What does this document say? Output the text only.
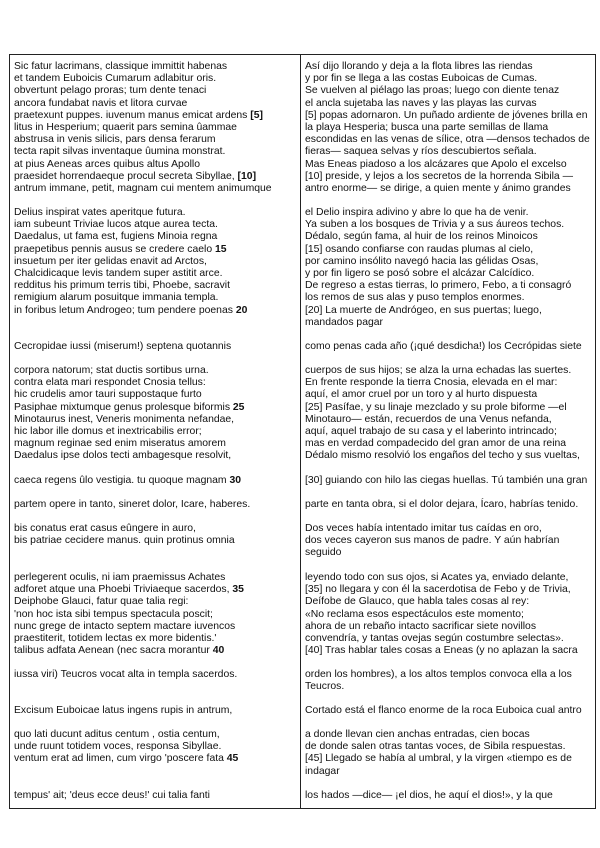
Sic fatur lacrimans, classique immittit habenas
et tandem Euboicis Cumarum adlabitur oris.
obvertunt pelago proras; tum dente tenaci
ancora fundabat navis et litora curvae
praetexunt puppes. iuvenum manus emicat ardens [5]
litus in Hesperium; quaerit pars semina ûammae
abstrusa in venis silicis, pars densa ferarum
tecta rapit silvas inventaque ûumina monstrat.
at pius Aeneas arces quibus altus Apollo
praesidet horrendaeque procul secreta Sibyllae, [10]
antrum immane, petit, magnam cui mentem animumque
Delius inspirat vates aperitque futura.
iam subeunt Triviae lucos atque aurea tecta.
Daedalus, ut fama est, fugiens Minoia regna
praepetibus pennis ausus se credere caelo 15
insuetum per iter gelidas enavit ad Arctos,
Chalcidicaque levis tandem super astitit arce.
redditus his primum terris tibi, Phoebe, sacravit
remigium alarum posuitque immania templa.
in foribus letum Androgeo; tum pendere poenas 20
Cecropidae iussi (miserum!) septena quotannis
corpora natorum; stat ductis sortibus urna.
contra elata mari respondet Cnosia tellus:
hic crudelis amor tauri suppostaque furto
Pasiphae mixtumque genus prolesque biformis 25
Minotaurus inest, Veneris monimenta nefandae,
hic labor ille domus et inextricabilis error;
magnum reginae sed enim miseratus amorem
Daedalus ipse dolos tecti ambagesque resolvit,
caeca regens ûlo vestigia. tu quoque magnam 30
partem opere in tanto, sineret dolor, Icare, haberes.
bis conatus erat casus eûngere in auro,
bis patriae cecidere manus. quin protinus omnia
perlegerent oculis, ni iam praemissus Achates
adforet atque una Phoebi Triviaeque sacerdos, 35
Deiphobe Glauci, fatur quae talia regi:
'non hoc ista sibi tempus spectacula poscit;
nunc grege de intacto septem mactare iuvencos
praestiterit, totidem lectas ex more bidentis.'
talibus adfata Aenean (nec sacra morantur 40
iussa viri) Teucros vocat alta in templa sacerdos.
Excisum Euboicae latus ingens rupis in antrum,
quo lati ducunt aditus centum , ostia centum,
unde ruunt totidem voces, responsa Sibyllae.
ventum erat ad limen, cum virgo 'poscere fata 45
tempus' ait; 'deus ecce deus!' cui talia fanti

Así dijo llorando y deja a la flota libres las riendas
y por fin se llega a las costas Euboicas de Cumas.
Se vuelven al piélago las proas; luego con diente tenaz
el ancla sujetaba las naves y las playas las curvas
[5] popas adornaron. Un puñado ardiente de jóvenes brilla en la playa Hesperia; busca una parte semillas de llama escondidas en las venas de sílice, otra —densos techados de fieras— saquea selvas y ríos descubiertos señala.
Mas Eneas piadoso a los alcázares que Apolo el excelso
[10] preside, y lejos a los secretos de la horrenda Sibila —antro enorme— se dirige, a quien mente y ánimo grandes
el Delio inspira adivino y abre lo que ha de venir.
Ya suben a los bosques de Trivia y a sus áureos techos.
Dédalo, según fama, al huir de los reinos Minoicos
[15] osando confiarse con raudas plumas al cielo,
por camino insólito navegó hacia las gélidas Osas,
y por fin ligero se posó sobre el alcázar Calcídico.
De regreso a estas tierras, lo primero, Febo, a ti consagró
los remos de sus alas y puso templos enormes.
[20] La muerte de Andrógeo, en sus puertas; luego, mandados pagar
como penas cada año (¡qué desdicha!) los Cecrópidas siete
cuerpos de sus hijos; se alza la urna echadas las suertes.
En frente responde la tierra Cnosia, elevada en el mar:
aquí, el amor cruel por un toro y al hurto dispuesta
[25] Pasífae, y su linaje mezclado y su prole biforme —el Minotauro— están, recuerdos de una Venus nefanda,
aquí, aquel trabajo de su casa y el laberinto intrincado;
mas en verdad compadecido del gran amor de una reina
Dédalo mismo resolvió los engaños del techo y sus vueltas,
[30] guiando con hilo las ciegas huellas. Tú también una gran
parte en tanta obra, si el dolor dejara, Ícaro, habrías tenido.
Dos veces había intentado imitar tus caídas en oro,
dos veces cayeron sus manos de padre. Y aún habrían seguido
leyendo todo con sus ojos, si Acates ya, enviado delante,
[35] no llegara y con él la sacerdotisa de Febo y de Trivia,
Deífobe de Glauco, que habla tales cosas al rey:
«No reclama esos espectáculos este momento;
ahora de un rebaño intacto sacrificar siete novillos
convendría, y tantas ovejas según costumbre selectas».
[40] Tras hablar tales cosas a Eneas (y no aplazan la sacra
orden los hombres), a los altos templos convoca ella a los Teucros.
Cortado está el flanco enorme de la roca Euboica cual antro
a donde llevan cien anchas entradas, cien bocas
de donde salen otras tantas voces, de Sibila respuestas.
[45] Llegado se había al umbral, y la virgen «tiempo es de indagar
los hados —dice— ¡el dios, he aquí el dios!», y la que
